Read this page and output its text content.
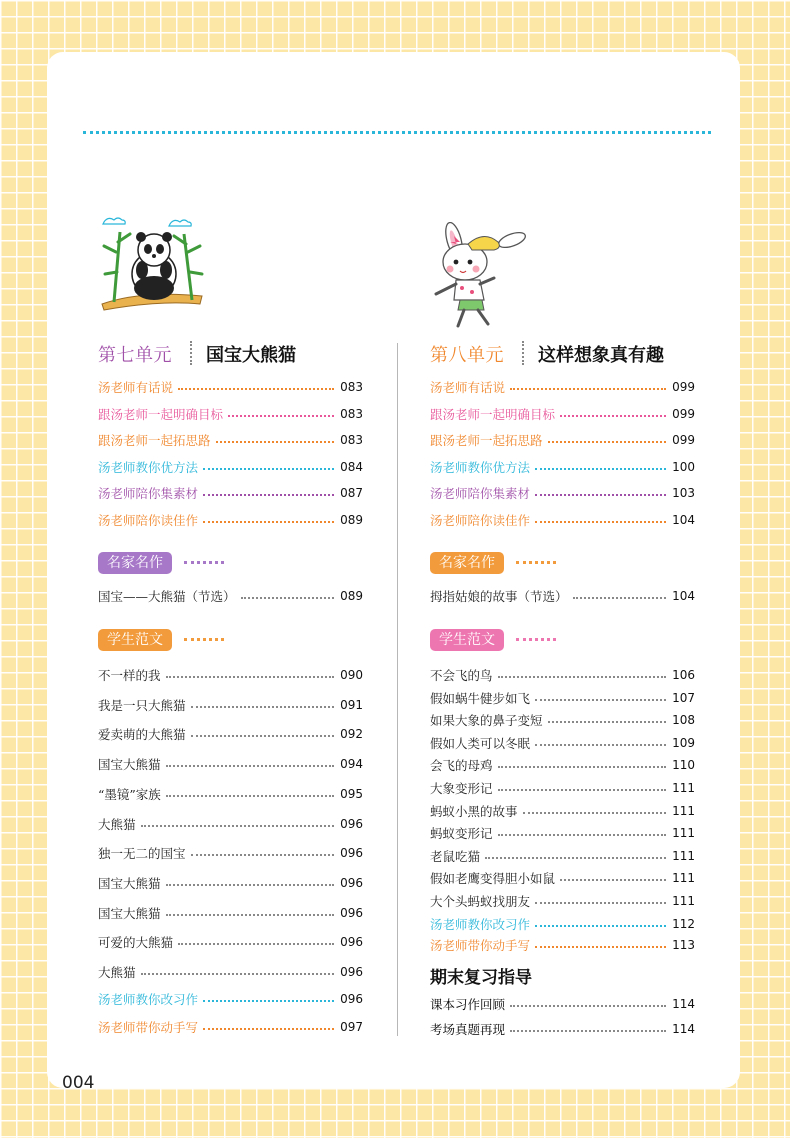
第七单元 国宝大熊猫
汤老师有话说	083
跟汤老师一起明确目标	083
跟汤老师一起拓思路	083
汤老师教你优方法	084
汤老师陪你集素材	087
汤老师陪你读佳作	089
名家名作
国宝——大熊猫（节选）	089
学生范文
不一样的我	090
我是一只大熊猫	091
爱卖萌的大熊猫	092
国宝大熊猫	094
“墨镜”家族	095
大熊猫	096
独一无二的国宝	096
国宝大熊猫	096
国宝大熊猫	096
可爱的大熊猫	096
大熊猫	096
汤老师教你改习作	096
汤老师带你动手写	097
第八单元 这样想象真有趣
汤老师有话说	099
跟汤老师一起明确目标	099
跟汤老师一起拓思路	099
汤老师教你优方法	100
汤老师陪你集素材	103
汤老师陪你读佳作	104
名家名作
拇指姑娘的故事（节选）	104
学生范文
不会飞的鸟	106
假如蜗牛健步如飞	107
如果大象的鼻子变短	108
假如人类可以冬眠	109
会飞的母鸡	110
大象变形记	111
蚂蚁小黑的故事	111
蚂蚁变形记	111
老鼠吃猫	111
假如老鹰变得胆小如鼠	111
大个头蚂蚁找朋友	111
汤老师教你改习作	112
汤老师带你动手写	113
期末复习指导
课本习作回顾	114
考场真题再现	114
004
